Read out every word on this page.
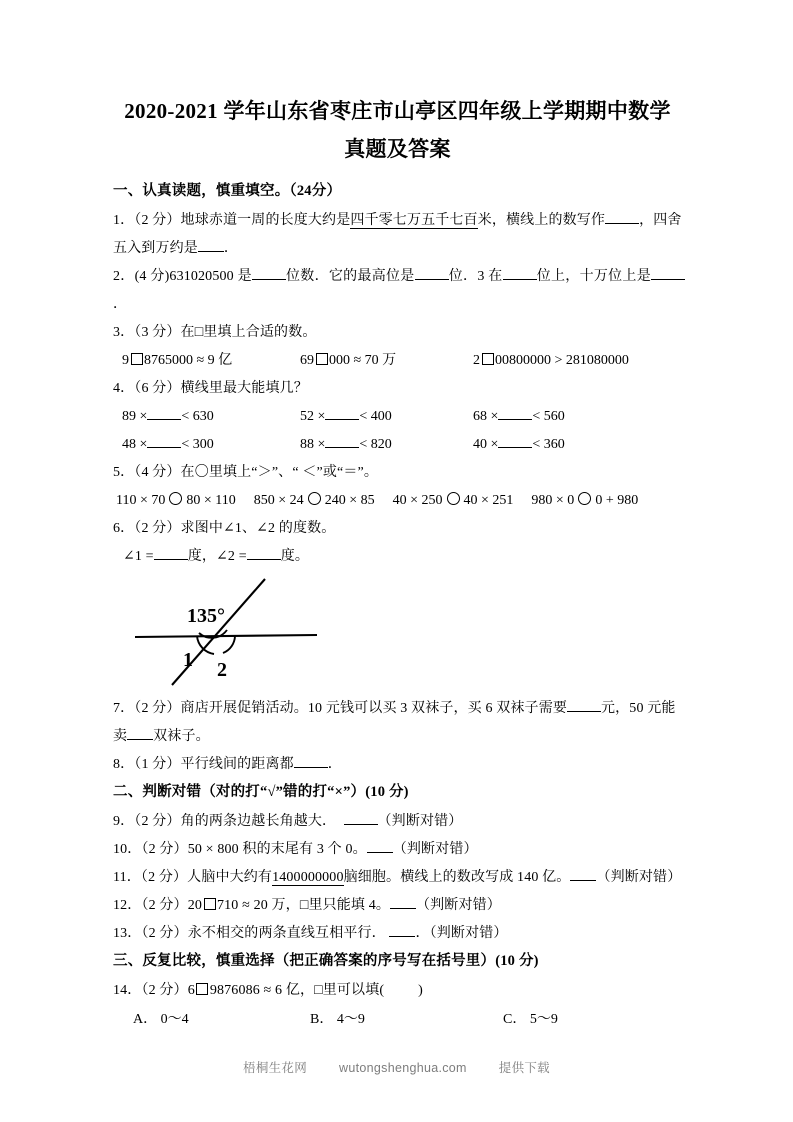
2020-2021 学年山东省枣庄市山亭区四年级上学期期中数学
真题及答案

一、认真读题，慎重填空。（24分）

1．（2 分）地球赤道一周的长度大约是四千零七万五千七百米，横线上的数写作 ，四舍
五入到万约是 ．

2．(4 分)631020500 是 位数．它的最高位是 位．3 在 位上，十万位上是．

3．（3 分）在□里填上合适的数。

9 8765000 ≈ 9 亿	69 000 ≈ 70 万	2 00800000 > 281080000

4．（6 分）横线里最大能填几？

89 × < 630	52 × < 400	68 × < 560
48 × < 300	88 × < 820	40 × < 360

5．（4 分）在〇里填上“＞”、“ ＜”或“＝”。

110 × 70 80 × 110 850 × 24 240 × 85 40 × 250 40 × 251 980 × 0 0 + 980

6．（2 分）求图中∠1、∠2 的度数。

∠1 = 度，∠2 = 度。

135°
1 2

7．（2 分）商店开展促销活动。10 元钱可以买 3 双袜子，买 6 双袜子需要 元，50 元能
卖 双袜子。

8．（1 分）平行线间的距离都 ．

二、判断对错（对的打“√”错的打“×”）(10 分)

9．（2 分）角的两条边越长角越大．	（判断对错）

10．（2 分）50 × 800 积的末尾有 3 个 0。 （判断对错）

11．（2 分）人脑中大约有1400000000脑细胞。横线上的数改写成 140 亿。 （判断对错）

12．（2 分）20 710 ≈ 20 万，□里只能填 4。 （判断对错）

13．（2 分）永不相交的两条直线互相平行． ．（判断对错）

三、反复比较，慎重选择（把正确答案的序号写在括号里）(10 分)

14．（2 分）6 9876086 ≈ 6 亿，□里可以填( )

A． 0～4	B． 4～9	C． 5～9
梧桐生花网	wutongshenghua.com	提供下载
